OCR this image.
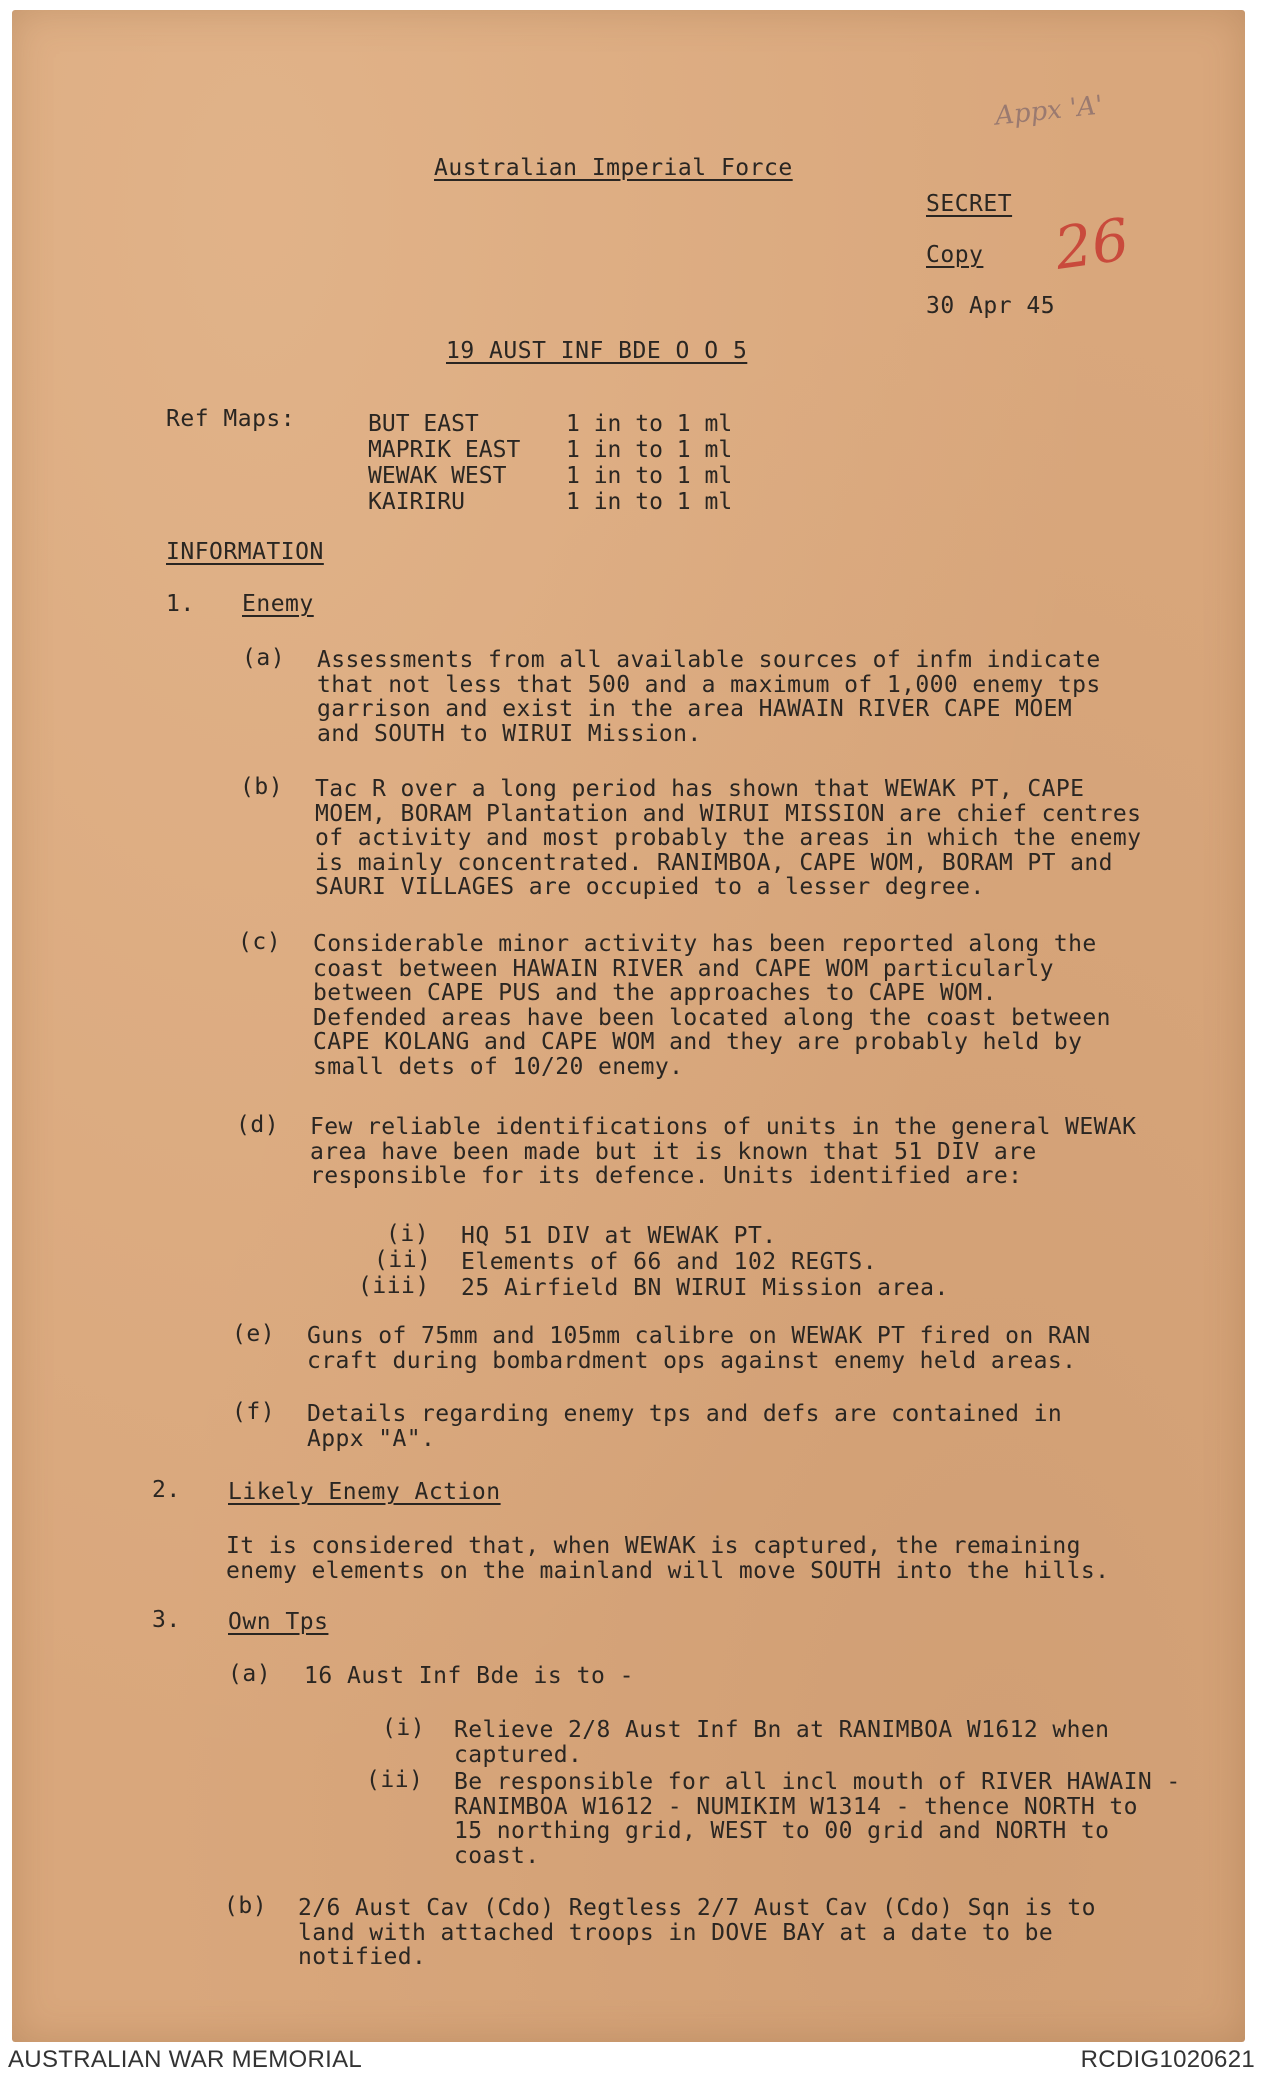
Appx 'A'
26
Australian Imperial Force
SECRET
Copy
30 Apr 45
19 AUST INF BDE O O 5
Ref Maps:	BUT EAST	1 in to 1 ml
MAPRIK EAST	1 in to 1 ml
WEWAK WEST	1 in to 1 ml
KAIRIRU	1 in to 1 ml
INFORMATION
1. Enemy
(a) Assessments from all available sources of infm indicate
that not less that 500 and a maximum of 1,000 enemy tps
garrison and exist in the area HAWAIN RIVER CAPE MOEM
and SOUTH to WIRUI Mission.
(b) Tac R over a long period has shown that WEWAK PT, CAPE
MOEM, BORAM Plantation and WIRUI MISSION are chief centres
of activity and most probably the areas in which the enemy
is mainly concentrated. RANIMBOA, CAPE WOM, BORAM PT and
SAURI VILLAGES are occupied to a lesser degree.
(c) Considerable minor activity has been reported along the
coast between HAWAIN RIVER and CAPE WOM particularly
between CAPE PUS and the approaches to CAPE WOM.
Defended areas have been located along the coast between
CAPE KOLANG and CAPE WOM and they are probably held by
small dets of 10/20 enemy.
(d) Few reliable identifications of units in the general WEWAK
area have been made but it is known that 51 DIV are
responsible for its defence. Units identified are:
(i) HQ 51 DIV at WEWAK PT.
(ii) Elements of 66 and 102 REGTS.
(iii) 25 Airfield BN WIRUI Mission area.
(e) Guns of 75mm and 105mm calibre on WEWAK PT fired on RAN
craft during bombardment ops against enemy held areas.
(f) Details regarding enemy tps and defs are contained in
Appx "A".
2. Likely Enemy Action
It is considered that, when WEWAK is captured, the remaining
enemy elements on the mainland will move SOUTH into the hills.
3. Own Tps
(a) 16 Aust Inf Bde is to -
(i) Relieve 2/8 Aust Inf Bn at RANIMBOA W1612 when
captured.
(ii) Be responsible for all incl mouth of RIVER HAWAIN -
RANIMBOA W1612 - NUMIKIM W1314 - thence NORTH to
15 northing grid, WEST to 00 grid and NORTH to
coast.
(b) 2/6 Aust Cav (Cdo) Regtless 2/7 Aust Cav (Cdo) Sqn is to
land with attached troops in DOVE BAY at a date to be
notified.
AUSTRALIAN WAR MEMORIAL	RCDIG1020621
